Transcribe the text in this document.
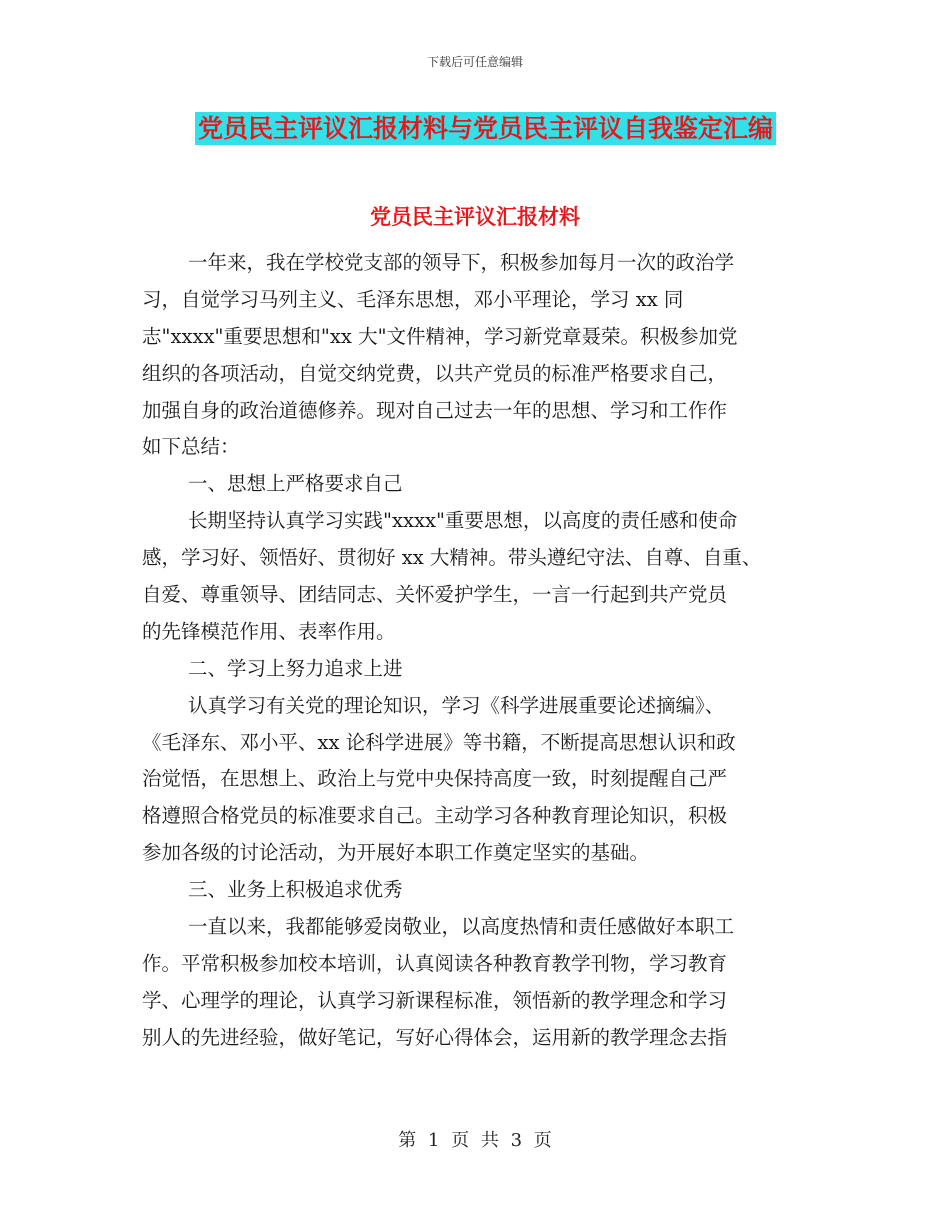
下载后可任意编辑
党员民主评议汇报材料与党员民主评议自我鉴定汇编
党员民主评议汇报材料
一年来，我在学校党支部的领导下，积极参加每月一次的政治学
习，自觉学习马列主义、毛泽东思想，邓小平理论，学习 xx 同
志"xxxx"重要思想和"xx 大"文件精神，学习新党章聂荣。积极参加党
组织的各项活动，自觉交纳党费，以共产党员的标准严格要求自己，
加强自身的政治道德修养。现对自己过去一年的思想、学习和工作作
如下总结：
一、思想上严格要求自己
长期坚持认真学习实践"xxxx"重要思想，以高度的责任感和使命
感，学习好、领悟好、贯彻好 xx 大精神。带头遵纪守法、自尊、自重、
自爱、尊重领导、团结同志、关怀爱护学生，一言一行起到共产党员
的先锋模范作用、表率作用。
二、学习上努力追求上进
认真学习有关党的理论知识，学习《科学进展重要论述摘编》、
《毛泽东、邓小平、xx 论科学进展》等书籍，不断提高思想认识和政
治觉悟，在思想上、政治上与党中央保持高度一致，时刻提醒自己严
格遵照合格党员的标准要求自己。主动学习各种教育理论知识，积极
参加各级的讨论活动，为开展好本职工作奠定坚实的基础。
三、业务上积极追求优秀
一直以来，我都能够爱岗敬业，以高度热情和责任感做好本职工
作。平常积极参加校本培训，认真阅读各种教育教学刊物，学习教育
学、心理学的理论，认真学习新课程标准，领悟新的教学理念和学习
别人的先进经验，做好笔记，写好心得体会，运用新的教学理念去指
第 1 页 共 3 页
